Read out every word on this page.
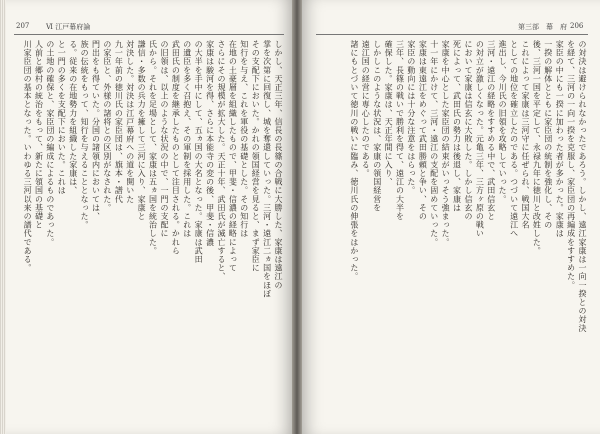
207 Ⅵ 江戸幕府論
しかし、天正三年、信長の長篠の合戦に大勝した、家康は遠江の
掌を次第に回復し、城を奪還していった。三河・遠江二ヵ国をほぼ
その支配下においた。かれの領国経営を見ると、まず家臣に
知行を与え、これを軍役の基礎とした。その知行は
在地の土豪層を組織したもので、甲斐・信濃の経略によって
さらにその規模が拡大した。天正十年、武田氏が滅亡すると、
家康は駿河を得、さらに本能寺の変の後、甲斐・信濃
の大半を手中にして、五ヵ国の大名となった。家康は武田
の遺臣を多く召抱え、その軍制を採用した。これは
武田氏の制度を継承したものとして注目される。かれら
の旧領は、以上のような状況の中で、一門の支配に
氏から。それを足場として、家康は五ヵ国を統治した。
謙信・多数の兵力を擁して三河に入り、家康と
対決した。対決は江戸幕府への道を開いた
九一年前の徳川氏の家臣団は、旗本・譜代
の家臣と、外様の諸将との区別がなされた。
門出をも得ていた。分国の諸領内においては、
族の伝統をもって、知行を与えることとなった。
る。従来の在地勢力を組織した家康は、
と一門の多くを支配下においた。これは
の土地の確保と、家臣団の編成によるものであった。
人前と郷村の統治をもって、新たに領国の基礎と
川家臣団の基本となった。いわゆる三河以来の譜代である。
第三部　幕　府 206
の対決は避けられなかったであろう。しかし、遠江家康は一向一揆との対決
を経て、三河の一向一揆を克服し、家臣団の再編成をすすめた。
家臣の中にも一揆に加わった者が多かった。家康は
一揆の解体とともに家臣団の統制を強化し、その
後、三河一国を平定して、永禄九年に徳川と改姓した。
これによって家康は三河守に任ぜられ、戦国大名
としての地位を確立したのである。つづいて遠江へ
進出し、今川氏の旧領を攻略していった。
三河・遠江の経略をすすめる中で、武田信玄と
の対立が激しくなった。元亀三年、三方ヶ原の戦い
において家康は信玄に大敗した。しかし信玄の
死によって、武田氏の勢力は後退し、家康は
家康を中心とした家臣団の結束がいっそう強まった。
十一年にかけて、三河・遠江の支配を固めていった。
家康は東遠江をめぐって武田勝頼と争い、その
家臣の動向には十分な注意をはらった。
三年、長篠の戦いで勝利を得て、遠江の大半を
確保した。家康は、天正年間に入り、
しかしこのような状況は、家康の領国経営を
遠江国の経営に専心したのである。
諸にもとづいて徳川の戦いに臨み、徳川氏の伸張をはかった。
